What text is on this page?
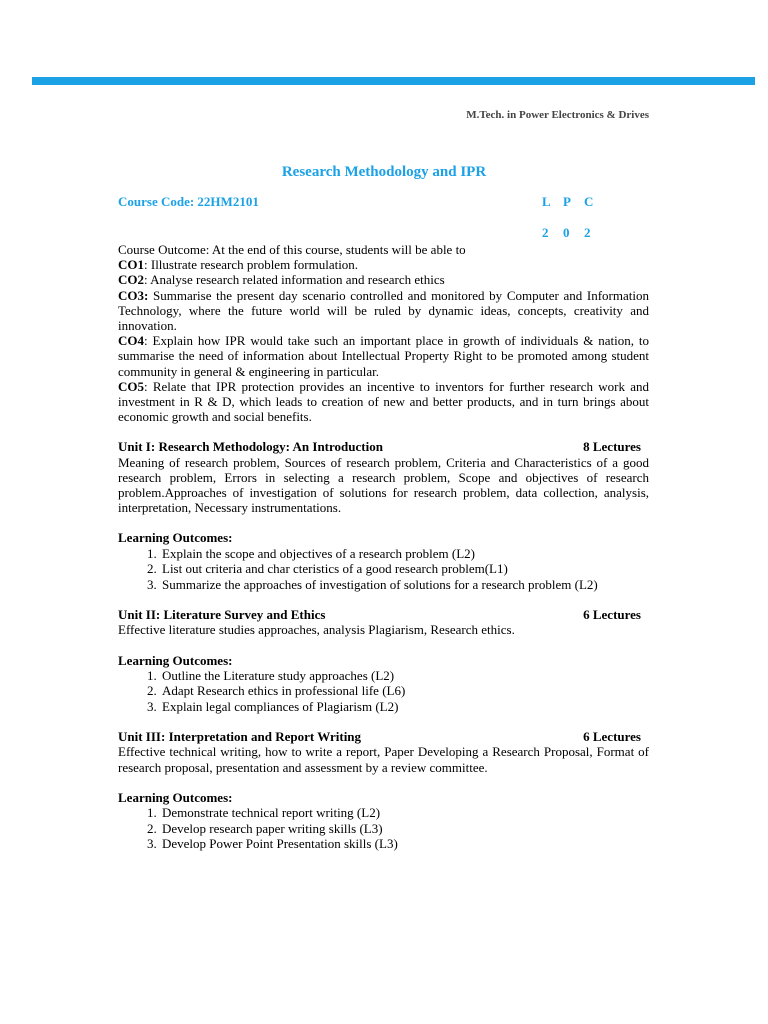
M.Tech. in Power Electronics & Drives
Research Methodology and IPR
Course Code: 22HM2101	L P C
2 0 2

Course Outcome: At the end of this course, students will be able to

CO1: Illustrate research problem formulation.

CO2: Analyse research related information and research ethics

CO3: Summarise the present day scenario controlled and monitored by Computer and Information Technology, where the future world will be ruled by dynamic ideas, concepts, creativity and innovation.

CO4: Explain how IPR would take such an important place in growth of individuals & nation, to summarise the need of information about Intellectual Property Right to be promoted among student community in general & engineering in particular.

CO5: Relate that IPR protection provides an incentive to inventors for further research work and investment in R & D, which leads to creation of new and better products, and in turn brings about economic growth and social benefits.

Unit I: Research Methodology: An Introduction	8 Lectures

Meaning of research problem, Sources of research problem, Criteria and Characteristics of a good research problem, Errors in selecting a research problem, Scope and objectives of research problem.Approaches of investigation of solutions for research problem, data collection, analysis, interpretation, Necessary instrumentations.

Learning Outcomes:
1. Explain the scope and objectives of a research problem (L2)
2. List out criteria and char cteristics of a good research problem(L1)
3. Summarize the approaches of investigation of solutions for a research problem (L2)
Unit II: Literature Survey and Ethics	6 Lectures

Effective literature studies approaches, analysis Plagiarism, Research ethics.

Learning Outcomes:
1. Outline the Literature study approaches (L2)
2. Adapt Research ethics in professional life (L6)
3. Explain legal compliances of Plagiarism (L2)
Unit III: Interpretation and Report Writing	6 Lectures

Effective technical writing, how to write a report, Paper Developing a Research Proposal, Format of research proposal, presentation and assessment by a review committee.

Learning Outcomes:
1. Demonstrate technical report writing (L2)
2. Develop research paper writing skills (L3)
3. Develop Power Point Presentation skills (L3)
